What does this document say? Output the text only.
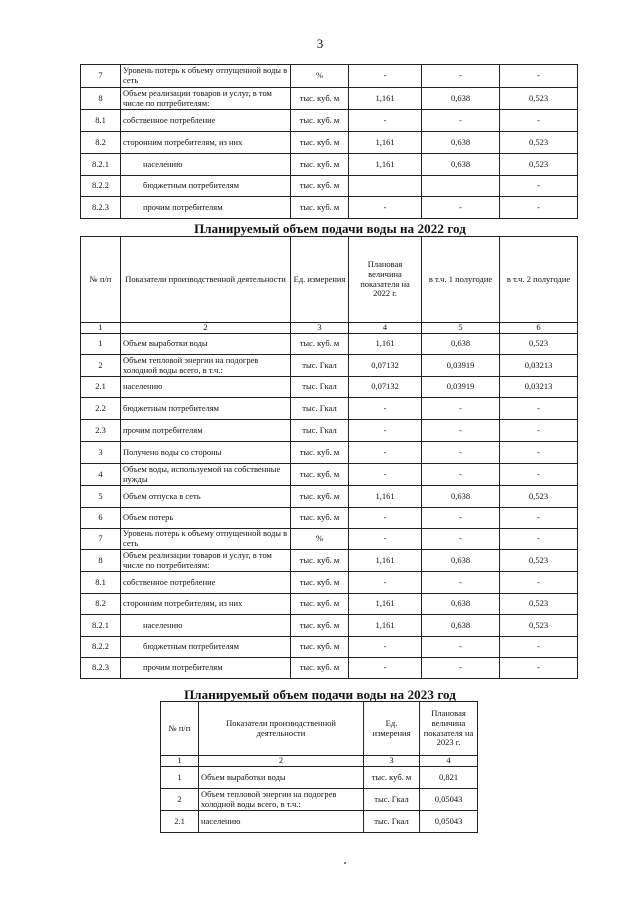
3
7	Уровень потерь к объему отпущенной воды в сеть	%	-	-	-
8	Объем реализации товаров и услуг, в том числе по потребителям:	тыс. куб. м	1,161	0,638	0,523
8.1	собственное потребление	тыс. куб. м	-	-	-
8.2	сторонним потребителям, из них	тыс. куб. м	1,161	0,638	0,523
8.2.1	населению	тыс. куб. м	1,161	0,638	0,523
8.2.2	бюджетным потребителям	тыс. куб. м			-
8.2.3	прочим потребителям	тыс. куб. м	-	-	-
Планируемый объем подачи воды на 2022 год
№ п/п	Показатели производственной деятельности	Ед. измерения	Плановая величина показателя на 2022 г.	в т.ч. 1 полугодие	в т.ч. 2 полугодие
1	2	3	4	5	6
1	Объем выработки воды	тыс. куб. м	1,161	0,638	0,523
2	Объем тепловой энергии на подогрев холодной воды всего, в т.ч.:	тыс. Гкал	0,07132	0,03919	0,03213
2.1	населению	тыс. Гкал	0,07132	0,03919	0,03213
2.2	бюджетным потребителям	тыс. Гкал	-	-	-
2.3	прочим потребителям	тыс. Гкал	-	-	-
3	Получено воды со стороны	тыс. куб. м	-	-	-
4	Объем воды, используемой на собственные нужды	тыс. куб. м	-	-	-
5	Объем отпуска в сеть	тыс. куб. м	1,161	0,638	0,523
6	Объем потерь	тыс. куб. м	-	-	-
7	Уровень потерь к объему отпущенной воды в сеть	%	-	-	-
8	Объем реализации товаров и услуг, в том числе по потребителям:	тыс. куб. м	1,161	0,638	0,523
8.1	собственное потребление	тыс. куб. м	-	-	-
8.2	сторонним потребителям, из них	тыс. куб. м	1,161	0,638	0,523
8.2.1	населению	тыс. куб. м	1,161	0,638	0,523
8.2.2	бюджетным потребителям	тыс. куб. м	-	-	-
8.2.3	прочим потребителям	тыс. куб. м	-	-	-
Планируемый объем подачи воды на 2023 год
№ п/п	Показатели производственной деятельности	Ед. измерения	Плановая величина показателя на 2023 г.
1	2	3	4
1	Объем выработки воды	тыс. куб. м	0,821
2	Объем тепловой энергии на подогрев холодной воды всего, в т.ч.:	тыс. Гкал	0,05043
2.1	населению	тыс. Гкал	0,05043
